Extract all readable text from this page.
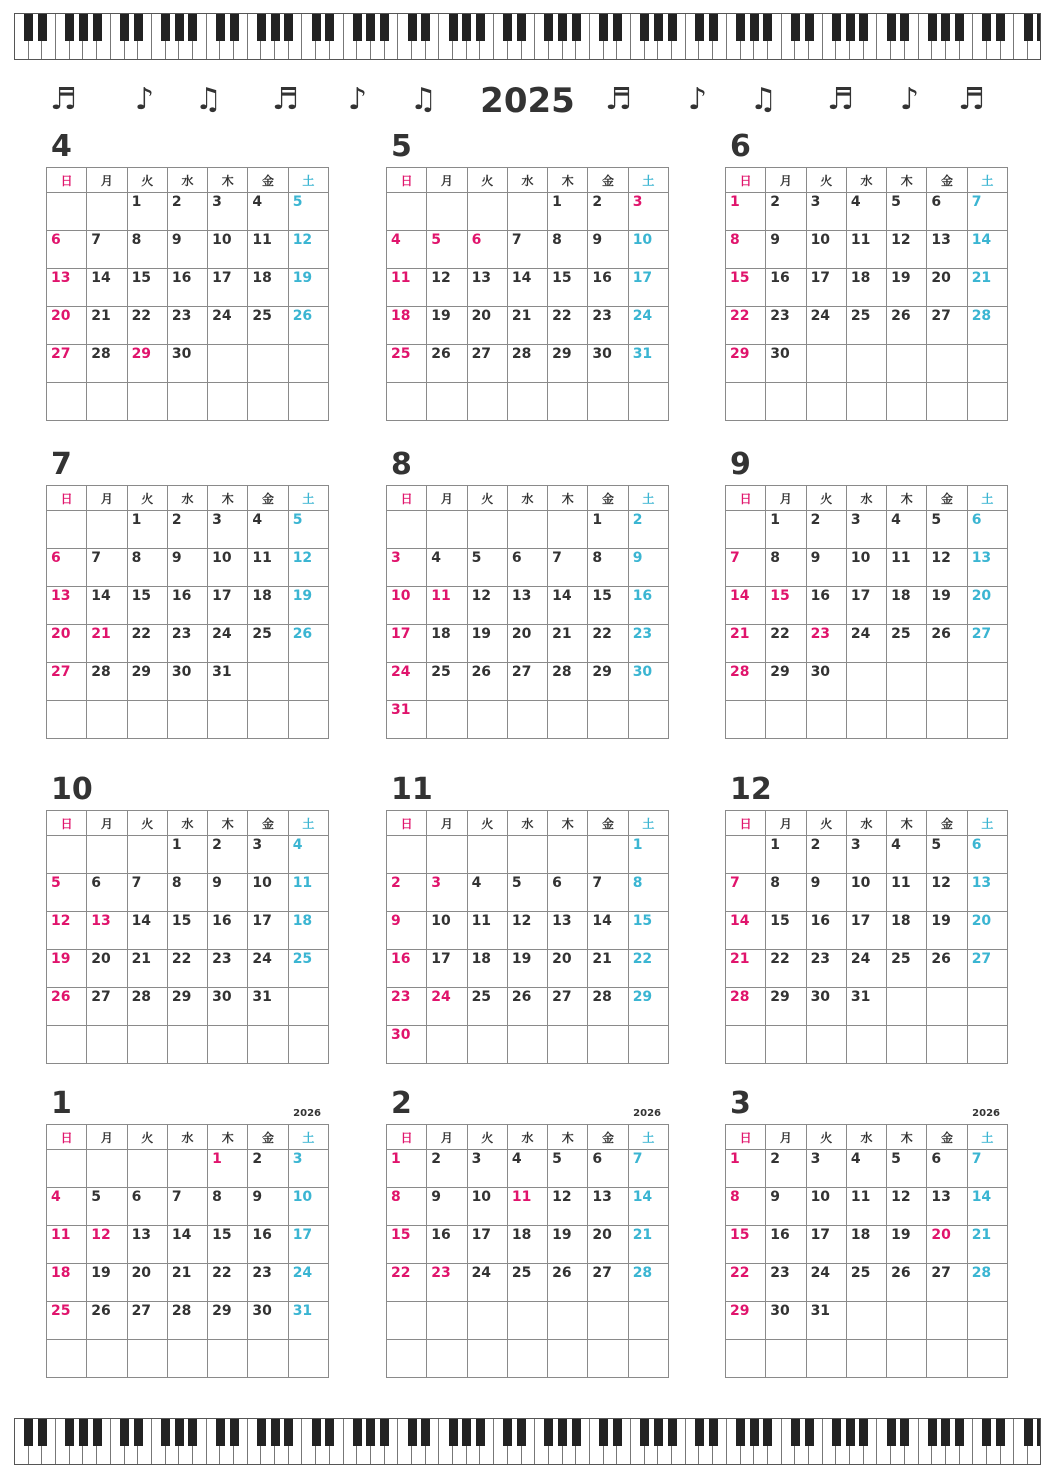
♬ ♪ ♫ ♬ ♪ ♫	♬ ♪ ♫ ♬ ♪ ♬
2025
4
日	月	火	水	木	金	土
		1	2	3	4	5
6	7	8	9	10	11	12
13	14	15	16	17	18	19
20	21	22	23	24	25	26
27	28	29	30			

5
日	月	火	水	木	金	土
				1	2	3
4	5	6	7	8	9	10
11	12	13	14	15	16	17
18	19	20	21	22	23	24
25	26	27	28	29	30	31

6
日	月	火	水	木	金	土
1	2	3	4	5	6	7
8	9	10	11	12	13	14
15	16	17	18	19	20	21
22	23	24	25	26	27	28
29	30					

7
日	月	火	水	木	金	土
		1	2	3	4	5
6	7	8	9	10	11	12
13	14	15	16	17	18	19
20	21	22	23	24	25	26
27	28	29	30	31		

8
日	月	火	水	木	金	土
					1	2
3	4	5	6	7	8	9
10	11	12	13	14	15	16
17	18	19	20	21	22	23
24	25	26	27	28	29	30
31						
9
日	月	火	水	木	金	土
	1	2	3	4	5	6
7	8	9	10	11	12	13
14	15	16	17	18	19	20
21	22	23	24	25	26	27
28	29	30				

10
日	月	火	水	木	金	土
			1	2	3	4
5	6	7	8	9	10	11
12	13	14	15	16	17	18
19	20	21	22	23	24	25
26	27	28	29	30	31	

11
日	月	火	水	木	金	土
						1
2	3	4	5	6	7	8
9	10	11	12	13	14	15
16	17	18	19	20	21	22
23	24	25	26	27	28	29
30						
12
日	月	火	水	木	金	土
	1	2	3	4	5	6
7	8	9	10	11	12	13
14	15	16	17	18	19	20
21	22	23	24	25	26	27
28	29	30	31			

1	2026
日	月	火	水	木	金	土
				1	2	3
4	5	6	7	8	9	10
11	12	13	14	15	16	17
18	19	20	21	22	23	24
25	26	27	28	29	30	31

2	2026
日	月	火	水	木	金	土
1	2	3	4	5	6	7
8	9	10	11	12	13	14
15	16	17	18	19	20	21
22	23	24	25	26	27	28

3	2026
日	月	火	水	木	金	土
1	2	3	4	5	6	7
8	9	10	11	12	13	14
15	16	17	18	19	20	21
22	23	24	25	26	27	28
29	30	31				
